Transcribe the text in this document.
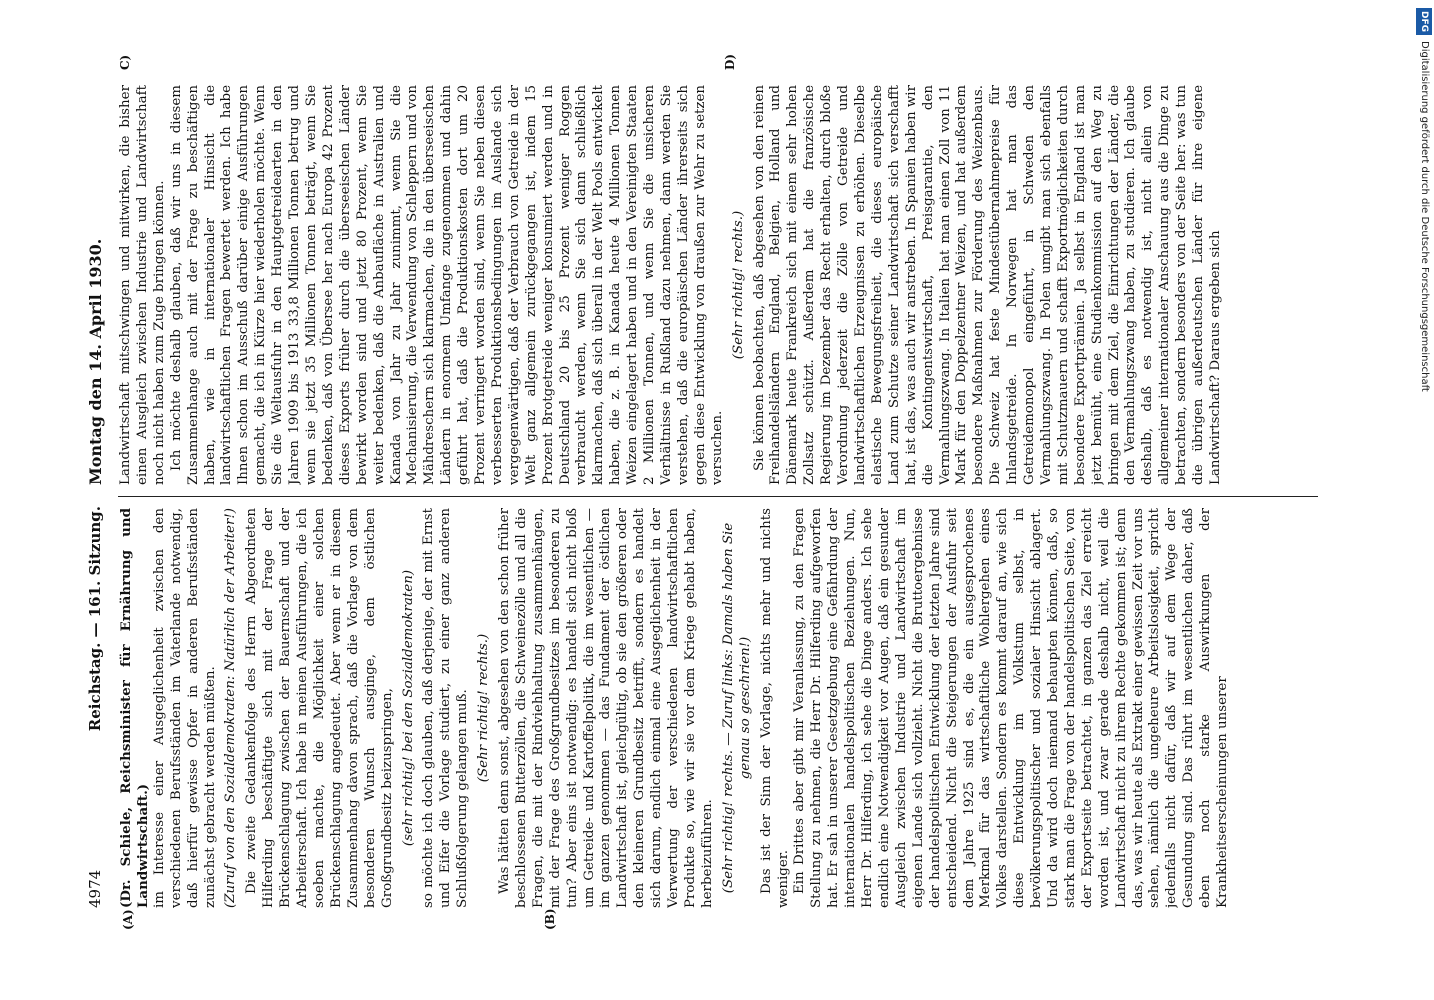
4974
Reichstag. — 161. Sitzung.
Montag den 14. April 1930.
(A)	(B)
C)	D)

(Dr. Schiele, Reichsminister für Ernährung und Landwirtschaft.) im Interesse einer Ausgeglichenheit zwischen den verschiedenen Berufsständen im Vaterlande notwendig, daß hierfür gewisse Opfer in anderen Berufsständen zunächst gebracht werden müßten. (Zuruf von den Sozialdemokraten: Natürlich der Arbeiter!) Die zweite Gedankenfolge des Herrn Abgeordneten Hilferding beschäftigte sich mit der Frage der Brückenschlagung zwischen der Bauernschaft und der Arbeiterschaft. Ich habe in meinen Ausführungen, die ich soeben machte, die Möglichkeit einer solchen Brückenschlagung angedeutet. Aber wenn er in diesem Zusammenhang davon sprach, daß die Vorlage von dem besonderen Wunsch ausginge, dem östlichen Großgrundbesitz beizuspringen, (sehr richtig! bei den Sozialdemokraten) so möchte ich doch glauben, daß derjenige, der mit Ernst und Eifer die Vorlage studiert, zu einer ganz anderen Schlußfolgerung gelangen muß. (Sehr richtig! rechts.) Was hätten denn sonst, abgesehen von den schon früher beschlossenen Butterzöllen, die Schweinezölle und all die Fragen, die mit der Rindviehhaltung zusammenhängen, mit der Frage des Großgrundbesitzes im besonderen zu tun? Aber eins ist notwendig: es handelt sich nicht bloß um Getreide- und Kartoffelpolitik, die im wesentlichen — im ganzen genommen — das Fundament der östlichen Landwirtschaft ist, gleichgültig, ob sie den größeren oder den kleineren Grundbesitz betrifft, sondern es handelt sich darum, endlich einmal eine Ausgeglichenheit in der Verwertung der verschiedenen landwirtschaftlichen Produkte so, wie wir sie vor dem Kriege gehabt haben, herbeizuführen. (Sehr richtig! rechts. — Zuruf links: Damals haben Sie genau so geschrien!) Das ist der Sinn der Vorlage, nichts mehr und nichts weniger. Ein Drittes aber gibt mir Veranlassung, zu den Fragen Stellung zu nehmen, die Herr Dr. Hilferding aufgeworfen hat. Er sah in unserer Gesetzgebung eine Gefährdung der internationalen handelspolitischen Beziehungen. Nun, Herr Dr. Hilferding, ich sehe die Dinge anders. Ich sehe endlich eine Notwendigkeit vor Augen, daß ein gesunder Ausgleich zwischen Industrie und Landwirtschaft im eigenen Lande sich vollzieht. Nicht die Bruttoergebnisse der handelspolitischen Entwicklung der letzten Jahre sind entscheidend. Nicht die Steigerungen der Ausfuhr seit dem Jahre 1925 sind es, die ein ausgesprochenes Merkmal für das wirtschaftliche Wohlergehen eines Volkes darstellen. Sondern es kommt darauf an, wie sich diese Entwicklung im Volkstum selbst, in bevölkerungspolitischer und sozialer Hinsicht ablagert. Und da wird doch niemand behaupten können, daß, so stark man die Frage von der handelspolitischen Seite, von der Exportseite betrachtet, in ganzen das Ziel erreicht worden ist, und zwar gerade deshalb nicht, weil die Landwirtschaft nicht zu ihrem Rechte gekommen ist; denn das, was wir heute als Extrakt einer gewissen Zeit vor uns sehen, nämlich die ungeheure Arbeitslosigkeit, spricht jedenfalls nicht dafür, daß wir auf dem Wege der Gesundung sind. Das rührt im wesentlichen daher, daß eben noch starke Auswirkungen der Krankheitserscheinungen unserer

Landwirtschaft mitschwingen und mitwirken, die bisher einen Ausgleich zwischen Industrie und Landwirtschaft noch nicht haben zum Zuge bringen können. Ich möchte deshalb glauben, daß wir uns in diesem Zusammenhange auch mit der Frage zu beschäftigen haben, wie in internationaler Hinsicht die landwirtschaftlichen Fragen bewertet werden. Ich habe Ihnen schon im Ausschuß darüber einige Ausführungen gemacht, die ich in Kürze hier wiederholen möchte. Wenn Sie die Weltausfuhr in den Hauptgetreidearten in den Jahren 1909 bis 1913 33,8 Millionen Tonnen betrug und wenn sie jetzt 35 Millionen Tonnen beträgt, wenn Sie bedenken, daß von Übersee her nach Europa 42 Prozent dieses Exports früher durch die überseeischen Länder bewirkt worden sind und jetzt 80 Prozent, wenn Sie weiter bedenken, daß die Anbaufläche in Australien und Kanada von Jahr zu Jahr zunimmt, wenn Sie die Mechanisierung, die Verwendung von Schleppern und von Mähdreschern sich klarmachen, die in den überseeischen Ländern in enormem Umfange zugenommen und dahin geführt hat, daß die Produktionskosten dort um 20 Prozent verringert worden sind, wenn Sie neben diesen verbesserten Produktionsbedingungen im Auslande sich vergegenwärtigen, daß der Verbrauch von Getreide in der Welt ganz allgemein zurückgegangen ist, indem 15 Prozent Brotgetreide weniger konsumiert werden und in Deutschland 20 bis 25 Prozent weniger Roggen verbraucht werden, wenn Sie sich dann schließlich klarmachen, daß sich überall in der Welt Pools entwickelt haben, die z. B. in Kanada heute 4 Millionen Tonnen Weizen eingelagert haben und in den Vereinigten Staaten 2 Millionen Tonnen, und wenn Sie die unsicheren Verhältnisse in Rußland dazu nehmen, dann werden Sie verstehen, daß die europäischen Länder ihrerseits sich gegen diese Entwicklung von draußen zur Wehr zu setzen versuchen.

(Sehr richtig! rechts.) Sie können beobachten, daß abgesehen von den reinen Freihandelsländern England, Belgien, Holland und Dänemark heute Frankreich sich mit einem sehr hohen Zollsatz schützt. Außerdem hat die französische Regierung im Dezember das Recht erhalten, durch bloße Verordnung jederzeit die Zölle von Getreide und landwirtschaftlichen Erzeugnissen zu erhöhen. Dieselbe elastische Bewegungsfreiheit, die dieses europäische Land zum Schutze seiner Landwirtschaft sich verschafft hat, ist das, was auch wir anstreben. In Spanien haben wir die Kontingentswirtschaft, Preisgarantie, den Vermahlungszwang. In Italien hat man einen Zoll von 11 Mark für den Doppelzentner Weizen, und hat außerdem besondere Maßnahmen zur Förderung des Weizenbaus. Die Schweiz hat feste Mindestübernahmepreise für Inlandsgetreide. In Norwegen hat man das Getreidemonopol eingeführt, in Schweden den Vermahlungszwang. In Polen umgibt man sich ebenfalls mit Schutzmauern und schafft Exportmöglichkeiten durch besondere Exportprämien. Ja selbst in England ist man jetzt bemüht, eine Studienkommission auf den Weg zu bringen mit dem Ziel, die Einrichtungen der Länder, die den Vermahlungszwang haben, zu studieren. Ich glaube deshalb, daß es notwendig ist, nicht allein von allgemeiner internationaler Anschauung aus die Dinge zu betrachten, sondern besonders von der Seite her: was tun die übrigen außerdeutschen Länder für ihre eigene Landwirtschaft? Daraus ergeben sich

DFGDigitalisierung gefördert durch die Deutsche Forschungsgemeinschaft
